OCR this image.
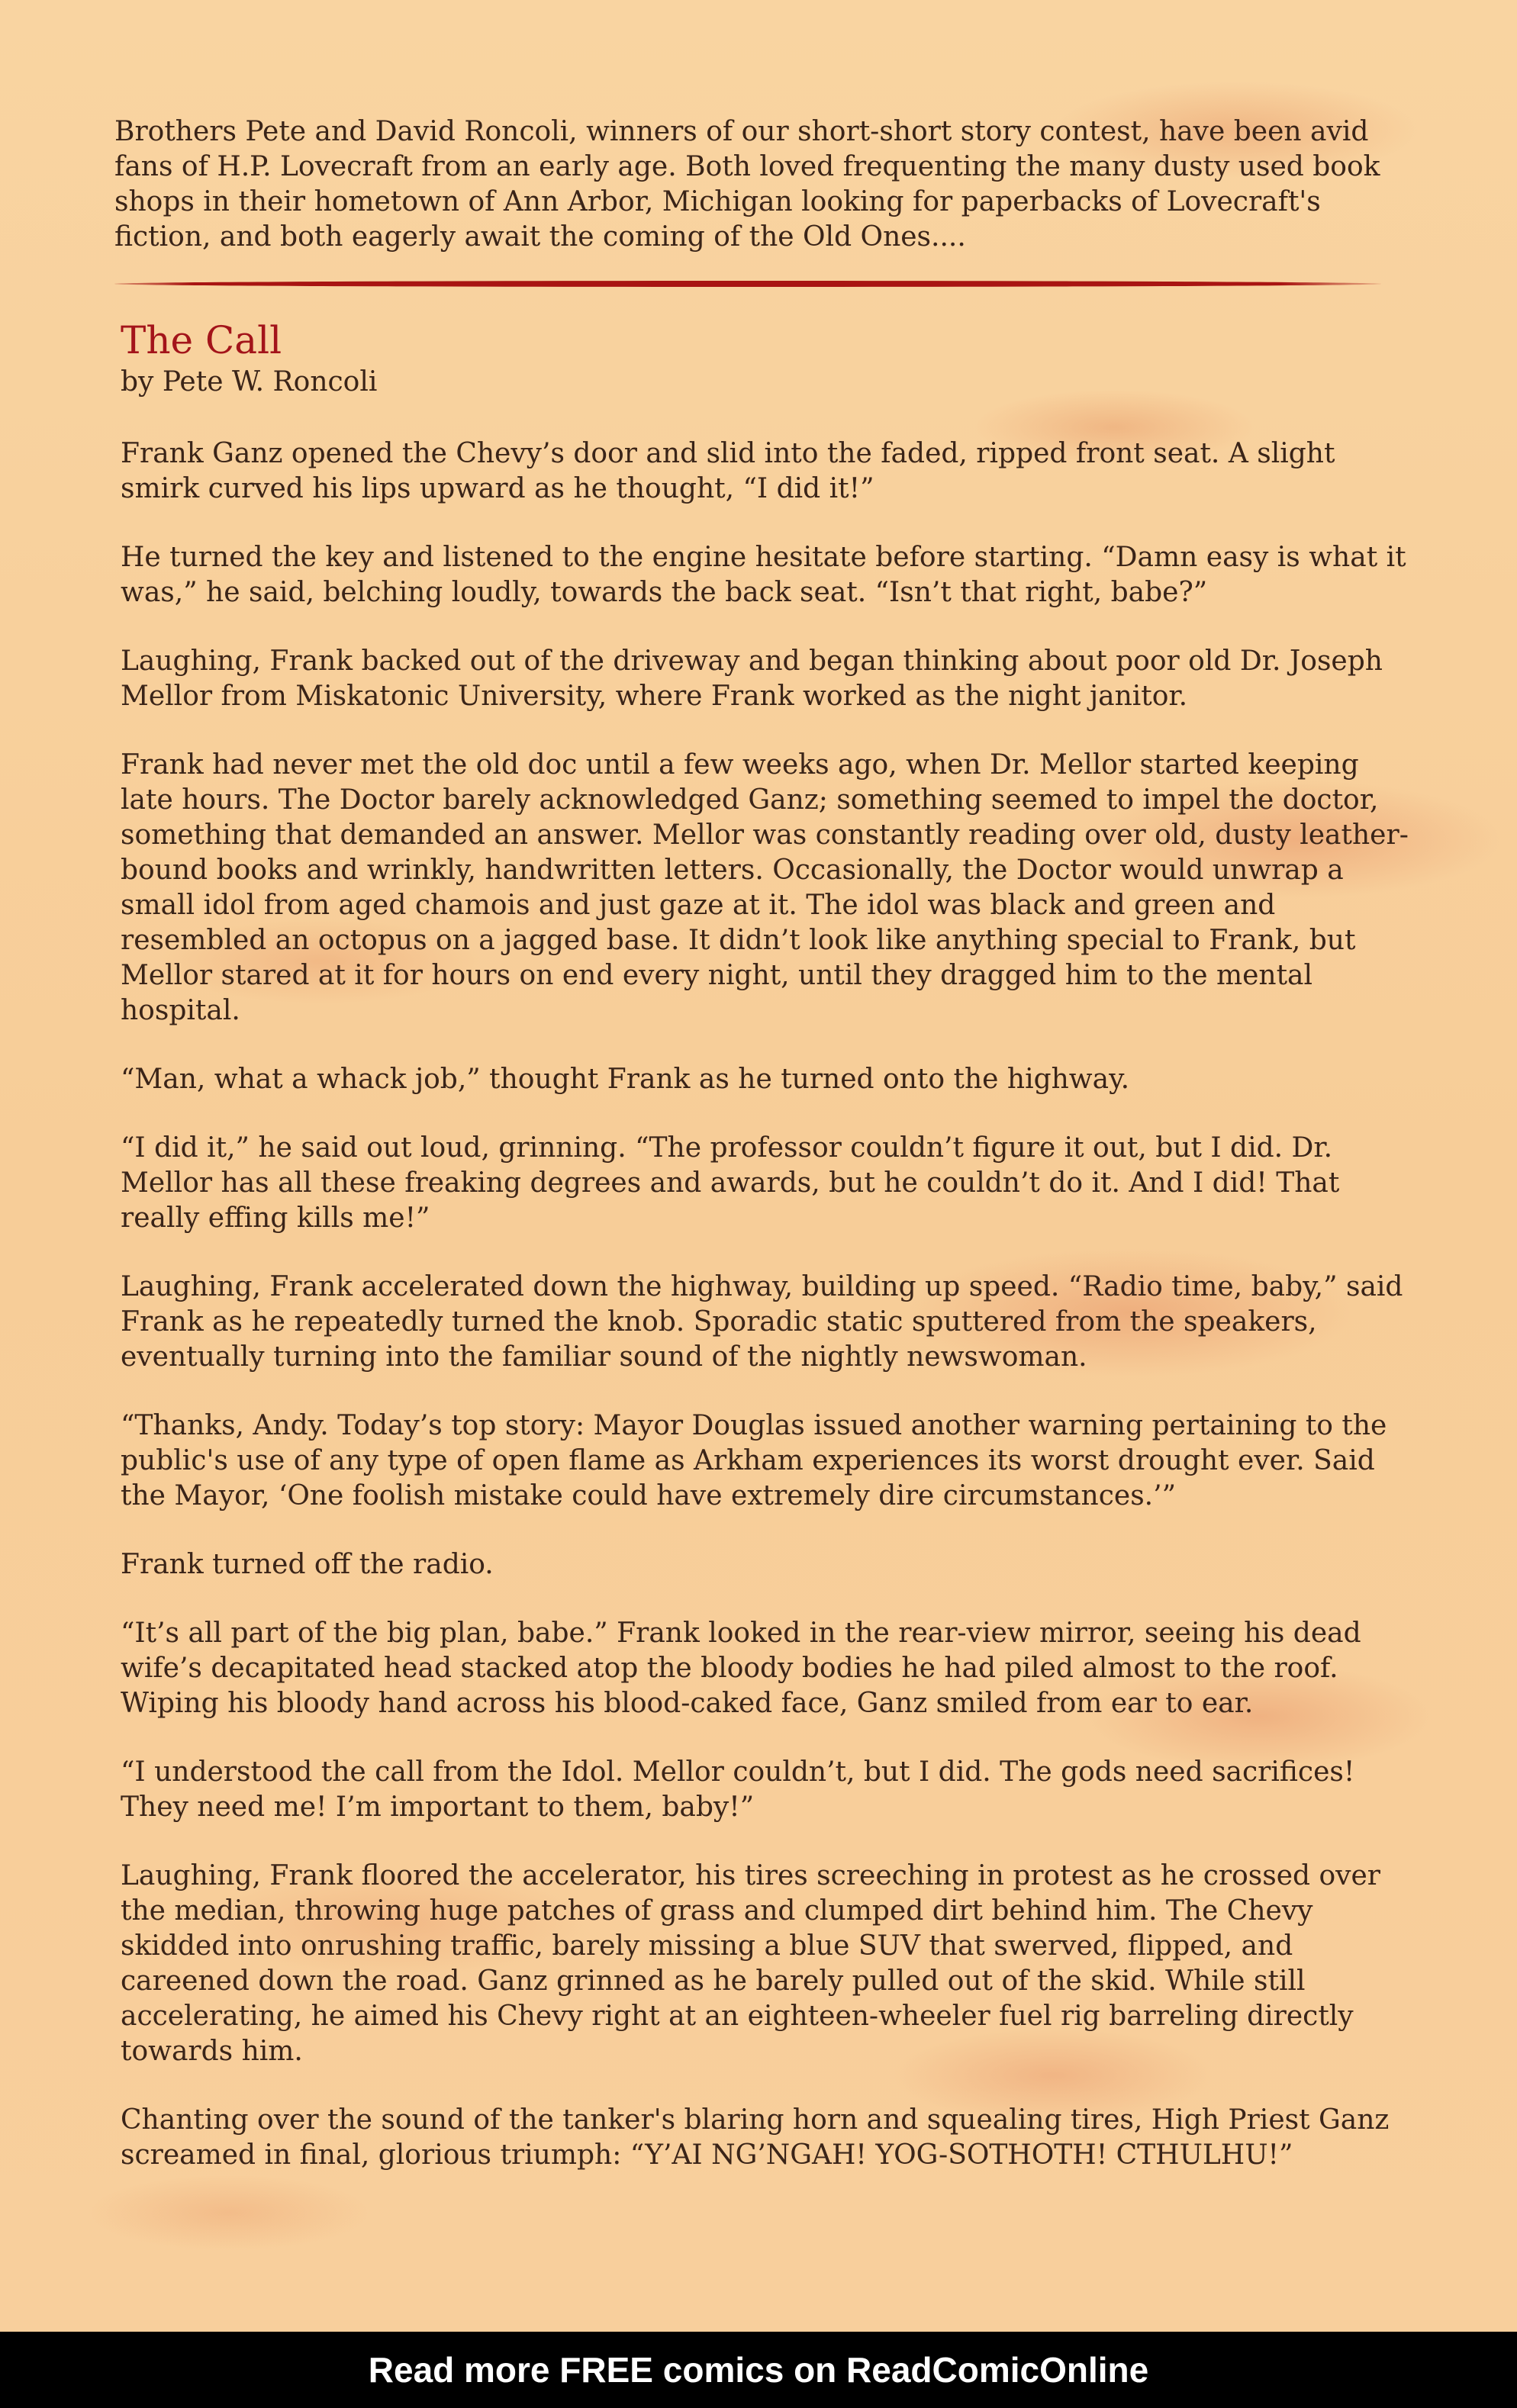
Brothers Pete and David Roncoli, winners of our short-short story contest, have been avid fans of H.P. Lovecraft from an early age. Both loved frequenting the many dusty used book shops in their hometown of Ann Arbor, Michigan looking for paperbacks of Lovecraft's fiction, and both eagerly await the coming of the Old Ones....

The Call

by Pete W. Roncoli

Frank Ganz opened the Chevy’s door and slid into the faded, ripped front seat. A slight smirk curved his lips upward as he thought, “I did it!”

He turned the key and listened to the engine hesitate before starting. “Damn easy is what it was,” he said, belching loudly, towards the back seat. “Isn’t that right, babe?”

Laughing, Frank backed out of the driveway and began thinking about poor old Dr. Joseph Mellor from Miskatonic University, where Frank worked as the night janitor.

Frank had never met the old doc until a few weeks ago, when Dr. Mellor started keeping late hours. The Doctor barely acknowledged Ganz; something seemed to impel the doctor, something that demanded an answer. Mellor was constantly reading over old, dusty leather-bound books and wrinkly, handwritten letters. Occasionally, the Doctor would unwrap a small idol from aged chamois and just gaze at it. The idol was black and green and resembled an octopus on a jagged base. It didn’t look like anything special to Frank, but Mellor stared at it for hours on end every night, until they dragged him to the mental hospital.

“Man, what a whack job,” thought Frank as he turned onto the highway.

“I did it,” he said out loud, grinning. “The professor couldn’t figure it out, but I did. Dr. Mellor has all these freaking degrees and awards, but he couldn’t do it. And I did! That really effing kills me!”

Laughing, Frank accelerated down the highway, building up speed. “Radio time, baby,” said Frank as he repeatedly turned the knob. Sporadic static sputtered from the speakers, eventually turning into the familiar sound of the nightly newswoman.

“Thanks, Andy. Today’s top story: Mayor Douglas issued another warning pertaining to the public's use of any type of open flame as Arkham experiences its worst drought ever. Said the Mayor, ‘One foolish mistake could have extremely dire circumstances.’”

Frank turned off the radio.

“It’s all part of the big plan, babe.” Frank looked in the rear-view mirror, seeing his dead wife’s decapitated head stacked atop the bloody bodies he had piled almost to the roof. Wiping his bloody hand across his blood-caked face, Ganz smiled from ear to ear.

“I understood the call from the Idol. Mellor couldn’t, but I did. The gods need sacrifices! They need me! I’m important to them, baby!”

Laughing, Frank floored the accelerator, his tires screeching in protest as he crossed over the median, throwing huge patches of grass and clumped dirt behind him. The Chevy skidded into onrushing traffic, barely missing a blue SUV that swerved, flipped, and careened down the road. Ganz grinned as he barely pulled out of the skid. While still accelerating, he aimed his Chevy right at an eighteen-wheeler fuel rig barreling directly towards him.

Chanting over the sound of the tanker's blaring horn and squealing tires, High Priest Ganz screamed in final, glorious triumph: “Y’AI NG’NGAH! YOG-SOTHOTH! CTHULHU!”

Read more FREE comics on ReadComicOnline
